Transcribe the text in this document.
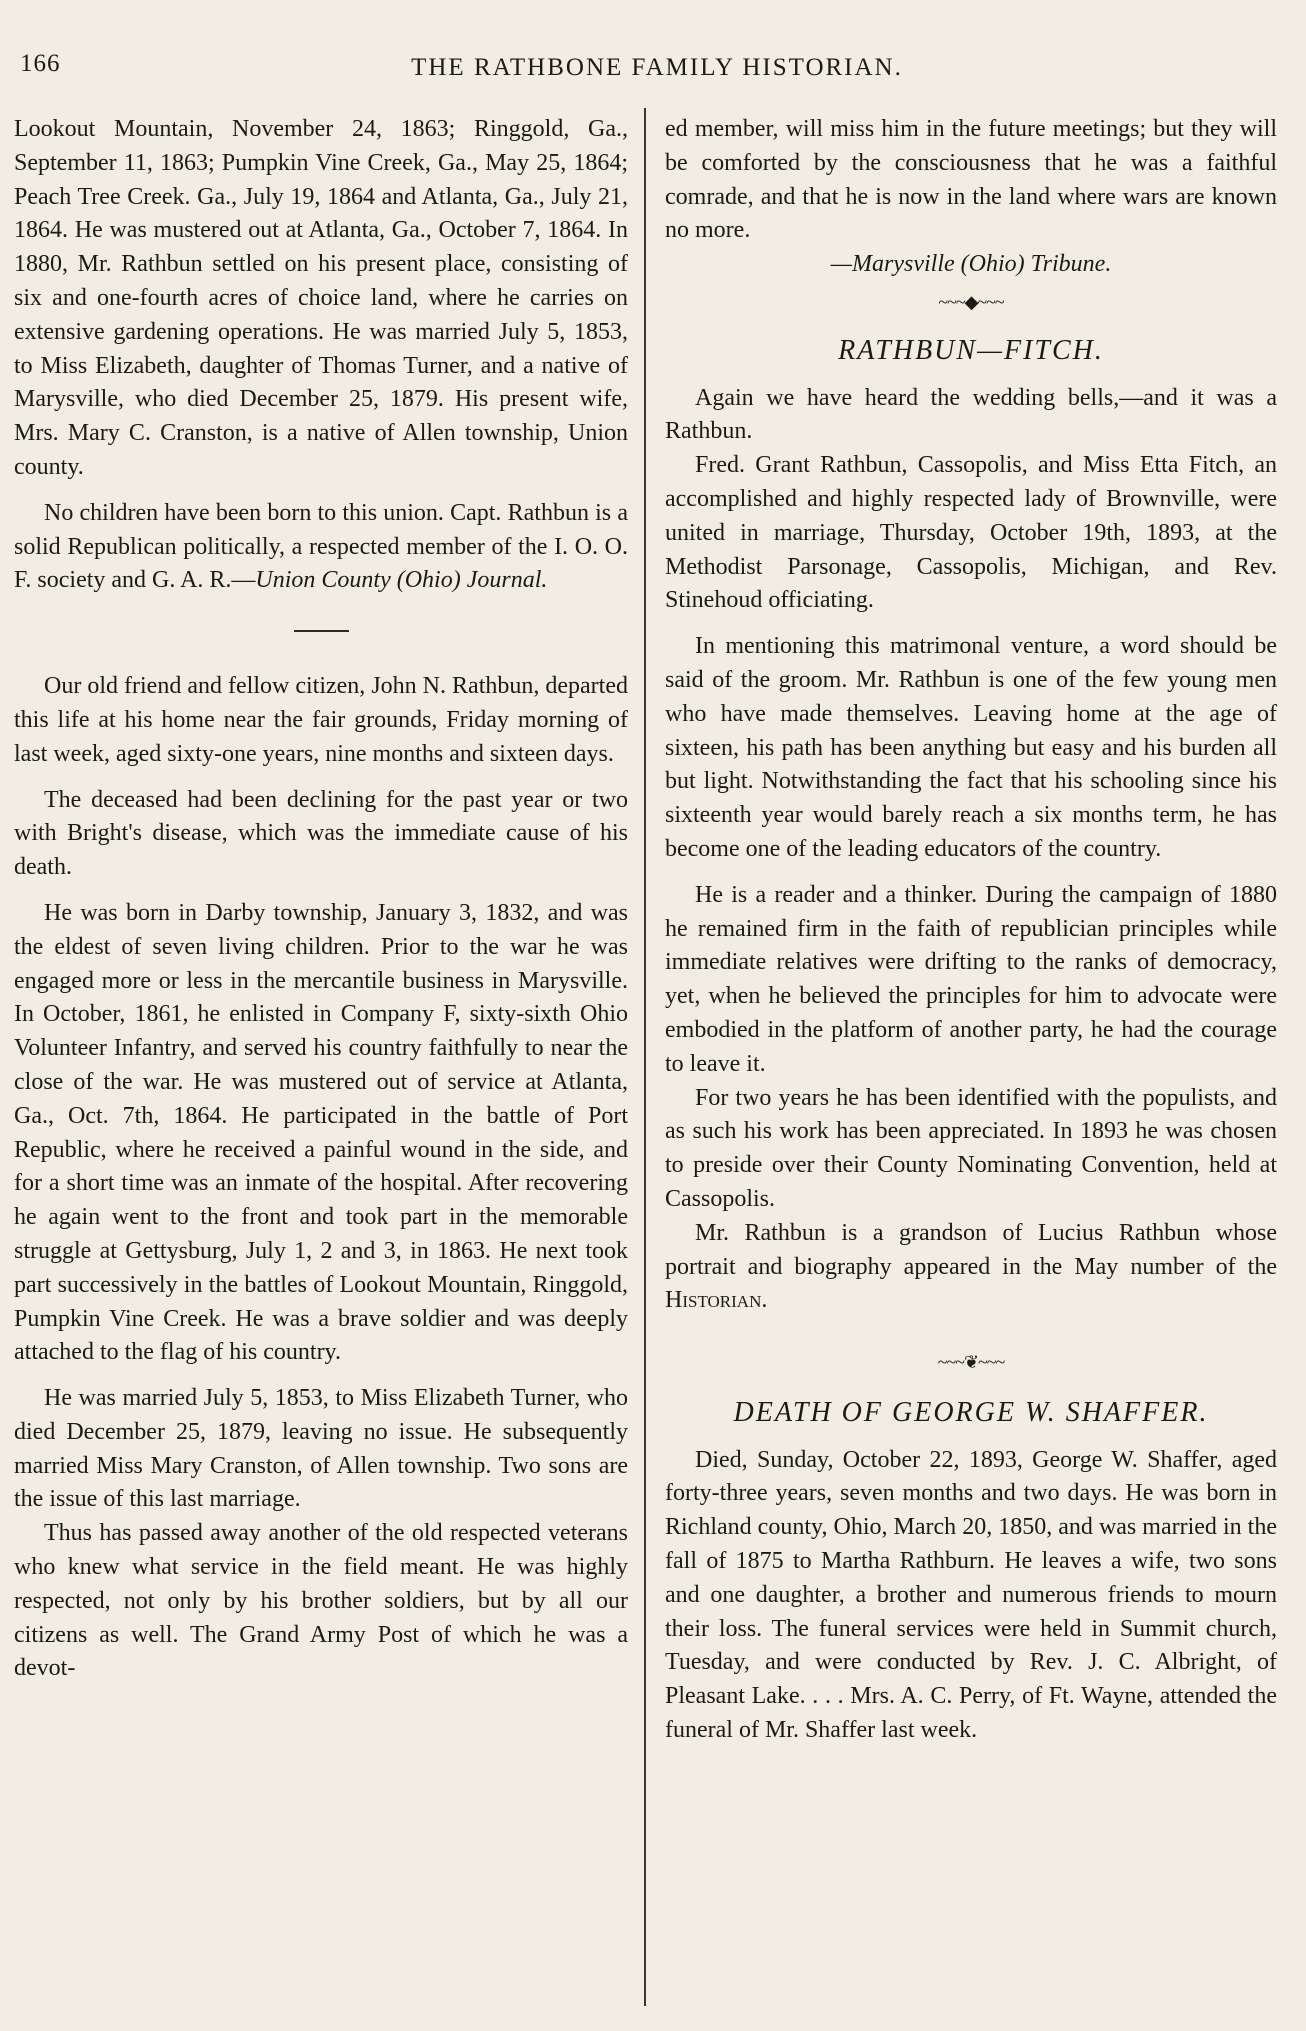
166	THE RATHBONE FAMILY HISTORIAN.

Lookout Mountain, November 24, 1863; Ringgold, Ga., September 11, 1863; Pumpkin Vine Creek, Ga., May 25, 1864; Peach Tree Creek. Ga., July 19, 1864 and Atlanta, Ga., July 21, 1864. He was mustered out at Atlanta, Ga., October 7, 1864. In 1880, Mr. Rathbun settled on his present place, consisting of six and one-fourth acres of choice land, where he carries on extensive gardening operations. He was married July 5, 1853, to Miss Elizabeth, daughter of Thomas Turner, and a native of Marysville, who died December 25, 1879. His present wife, Mrs. Mary C. Cranston, is a native of Allen township, Union county.

No children have been born to this union. Capt. Rathbun is a solid Republican politically, a respected member of the I. O. O. F. society and G. A. R.—Union County (Ohio) Journal.

Our old friend and fellow citizen, John N. Rathbun, departed this life at his home near the fair grounds, Friday morning of last week, aged sixty-one years, nine months and sixteen days.

The deceased had been declining for the past year or two with Bright's disease, which was the immediate cause of his death.

He was born in Darby township, January 3, 1832, and was the eldest of seven living children. Prior to the war he was engaged more or less in the mercantile business in Marysville. In October, 1861, he enlisted in Company F, sixty-sixth Ohio Volunteer Infantry, and served his country faithfully to near the close of the war. He was mustered out of service at Atlanta, Ga., Oct. 7th, 1864. He participated in the battle of Port Republic, where he received a painful wound in the side, and for a short time was an inmate of the hospital. After recovering he again went to the front and took part in the memorable struggle at Gettysburg, July 1, 2 and 3, in 1863. He next took part successively in the battles of Lookout Mountain, Ringgold, Pumpkin Vine Creek. He was a brave soldier and was deeply attached to the flag of his country.

He was married July 5, 1853, to Miss Elizabeth Turner, who died December 25, 1879, leaving no issue. He subsequently married Miss Mary Cranston, of Allen township. Two sons are the issue of this last marriage.

Thus has passed away another of the old respected veterans who knew what service in the field meant. He was highly respected, not only by his brother soldiers, but by all our citizens as well. The Grand Army Post of which he was a devot-

ed member, will miss him in the future meetings; but they will be comforted by the consciousness that he was a faithful comrade, and that he is now in the land where wars are known no more.

—Marysville (Ohio) Tribune.

~~~◆~~~
RATHBUN—FITCH.

Again we have heard the wedding bells,—and it was a Rathbun.

Fred. Grant Rathbun, Cassopolis, and Miss Etta Fitch, an accomplished and highly respected lady of Brownville, were united in marriage, Thursday, October 19th, 1893, at the Methodist Parsonage, Cassopolis, Michigan, and Rev. Stinehoud officiating.

In mentioning this matrimonal venture, a word should be said of the groom. Mr. Rathbun is one of the few young men who have made themselves. Leaving home at the age of sixteen, his path has been anything but easy and his burden all but light. Notwithstanding the fact that his schooling since his sixteenth year would barely reach a six months term, he has become one of the leading educators of the country.

He is a reader and a thinker. During the campaign of 1880 he remained firm in the faith of republician principles while immediate relatives were drifting to the ranks of democracy, yet, when he believed the principles for him to advocate were embodied in the platform of another party, he had the courage to leave it.

For two years he has been identified with the populists, and as such his work has been appreciated. In 1893 he was chosen to preside over their County Nominating Convention, held at Cassopolis.

Mr. Rathbun is a grandson of Lucius Rathbun whose portrait and biography appeared in the May number of the Historian.

~~~❦~~~
DEATH OF GEORGE W. SHAFFER.

Died, Sunday, October 22, 1893, George W. Shaffer, aged forty-three years, seven months and two days. He was born in Richland county, Ohio, March 20, 1850, and was married in the fall of 1875 to Martha Rathburn. He leaves a wife, two sons and one daughter, a brother and numerous friends to mourn their loss. The funeral services were held in Summit church, Tuesday, and were conducted by Rev. J. C. Albright, of Pleasant Lake. . . . Mrs. A. C. Perry, of Ft. Wayne, attended the funeral of Mr. Shaffer last week.
